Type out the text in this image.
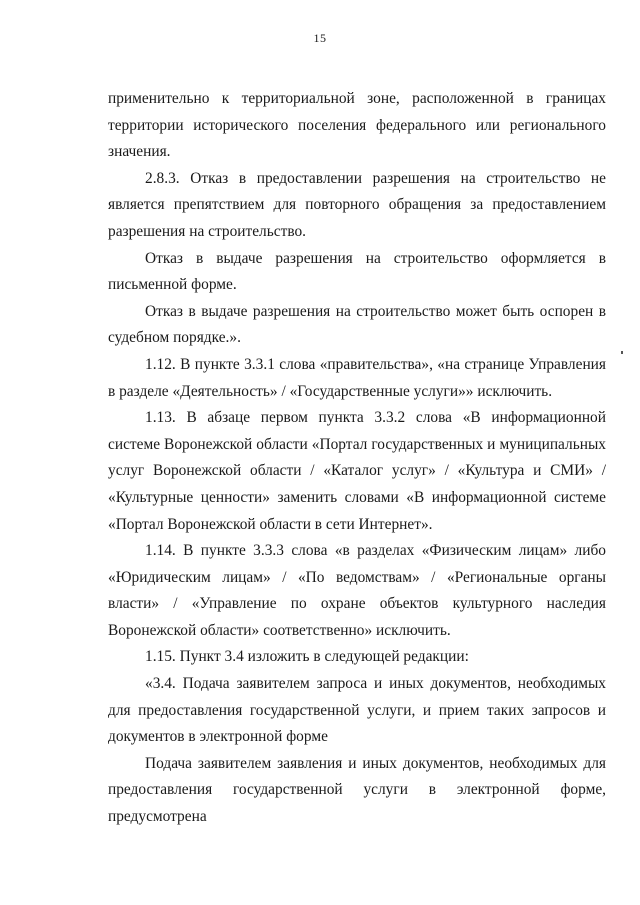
15

применительно к территориальной зоне, расположенной в границах территории исторического поселения федерального или регионального значения.

2.8.3. Отказ в предоставлении разрешения на строительство не является препятствием для повторного обращения за предоставлением разрешения на строительство.

Отказ в выдаче разрешения на строительство оформляется в письменной форме.

Отказ в выдаче разрешения на строительство может быть оспорен в судебном порядке.».

1.12. В пункте 3.3.1 слова «правительства», «на странице Управления в разделе «Деятельность» / «Государственные услуги»» исключить.

1.13. В абзаце первом пункта 3.3.2 слова «В информационной системе Воронежской области «Портал государственных и муниципальных услуг Воронежской области / «Каталог услуг» / «Культура и СМИ» / «Культурные ценности» заменить словами «В информационной системе «Портал Воронежской области в сети Интернет».

1.14. В пункте 3.3.3 слова «в разделах «Физическим лицам» либо «Юридическим лицам» / «По ведомствам» / «Региональные органы власти» / «Управление по охране объектов культурного наследия Воронежской области» соответственно» исключить.

1.15. Пункт 3.4 изложить в следующей редакции:

«3.4. Подача заявителем запроса и иных документов, необходимых для предоставления государственной услуги, и прием таких запросов и документов в электронной форме

Подача заявителем заявления и иных документов, необходимых для предоставления государственной услуги в электронной форме, предусмотрена
